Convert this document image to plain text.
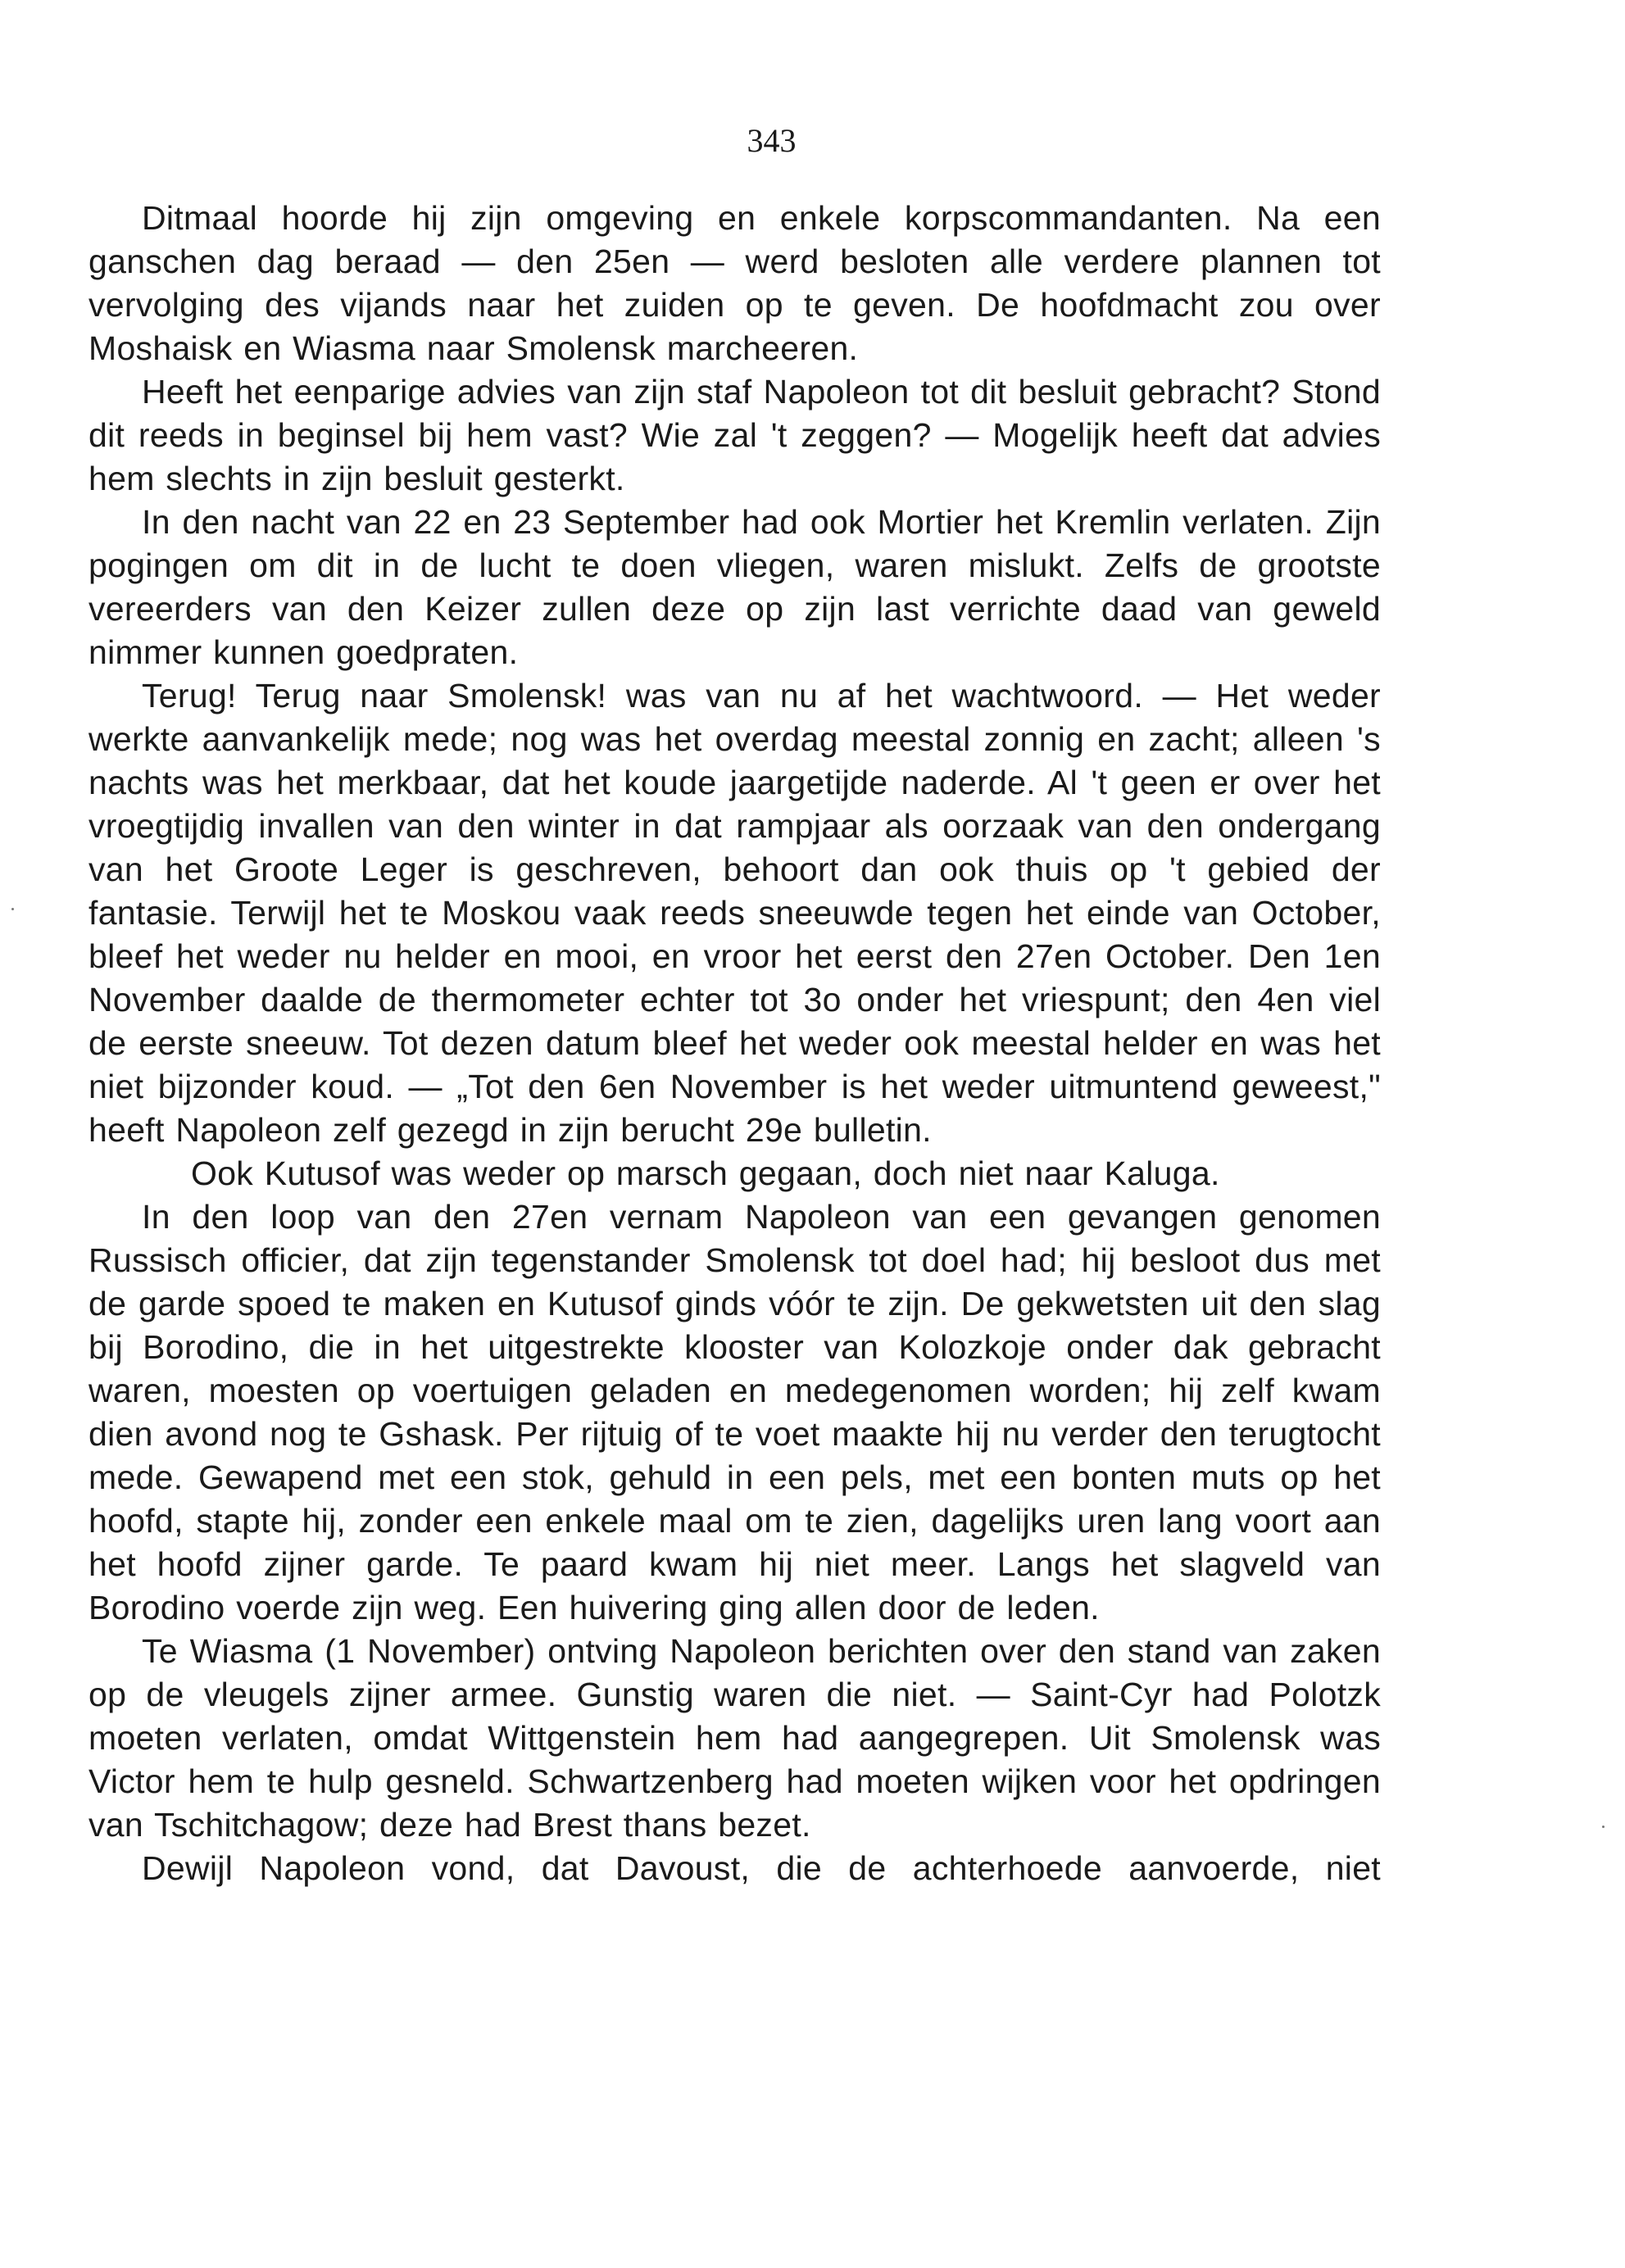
343

Ditmaal hoorde hij zijn omgeving en enkele korpscommandanten. Na een ganschen dag beraad — den 25en — werd besloten alle verdere plannen tot vervolging des vijands naar het zuiden op te geven. De hoofdmacht zou over Moshaisk en Wiasma naar Smolensk marcheeren.

Heeft het eenparige advies van zijn staf Napoleon tot dit besluit gebracht? Stond dit reeds in beginsel bij hem vast? Wie zal 't zeggen? — Mogelijk heeft dat advies hem slechts in zijn besluit gesterkt.

In den nacht van 22 en 23 September had ook Mortier het Kremlin verlaten. Zijn pogingen om dit in de lucht te doen vliegen, waren mislukt. Zelfs de grootste vereerders van den Keizer zullen deze op zijn last verrichte daad van geweld nimmer kunnen goedpraten.

Terug! Terug naar Smolensk! was van nu af het wachtwoord. — Het weder werkte aanvankelijk mede; nog was het overdag meestal zonnig en zacht; alleen 's nachts was het merkbaar, dat het koude jaargetijde naderde. Al 't geen er over het vroegtijdig invallen van den winter in dat rampjaar als oorzaak van den ondergang van het Groote Leger is geschreven, behoort dan ook thuis op 't gebied der fantasie. Terwijl het te Moskou vaak reeds sneeuwde tegen het einde van October, bleef het weder nu helder en mooi, en vroor het eerst den 27en October. Den 1en November daalde de thermometer echter tot 3o onder het vriespunt; den 4en viel de eerste sneeuw. Tot dezen datum bleef het weder ook meestal helder en was het niet bijzonder koud. — „Tot den 6en November is het weder uitmuntend geweest," heeft Napoleon zelf gezegd in zijn berucht 29e bulletin.

Ook Kutusof was weder op marsch gegaan, doch niet naar Kaluga.

In den loop van den 27en vernam Napoleon van een gevangen genomen Russisch officier, dat zijn tegenstander Smolensk tot doel had; hij besloot dus met de garde spoed te maken en Kutusof ginds vóór te zijn. De gekwetsten uit den slag bij Borodino, die in het uitgestrekte klooster van Kolozkoje onder dak gebracht waren, moesten op voertuigen geladen en medegenomen worden; hij zelf kwam dien avond nog te Gshask. Per rijtuig of te voet maakte hij nu verder den terugtocht mede. Gewapend met een stok, gehuld in een pels, met een bonten muts op het hoofd, stapte hij, zonder een enkele maal om te zien, dagelijks uren lang voort aan het hoofd zijner garde. Te paard kwam hij niet meer. Langs het slagveld van Borodino voerde zijn weg. Een huivering ging allen door de leden.

Te Wiasma (1 November) ontving Napoleon berichten over den stand van zaken op de vleugels zijner armee. Gunstig waren die niet. — Saint-Cyr had Polotzk moeten verlaten, omdat Wittgenstein hem had aangegrepen. Uit Smolensk was Victor hem te hulp gesneld. Schwartzenberg had moeten wijken voor het opdringen van Tschitchagow; deze had Brest thans bezet.

Dewijl Napoleon vond, dat Davoust, die de achterhoede aanvoerde, niet
